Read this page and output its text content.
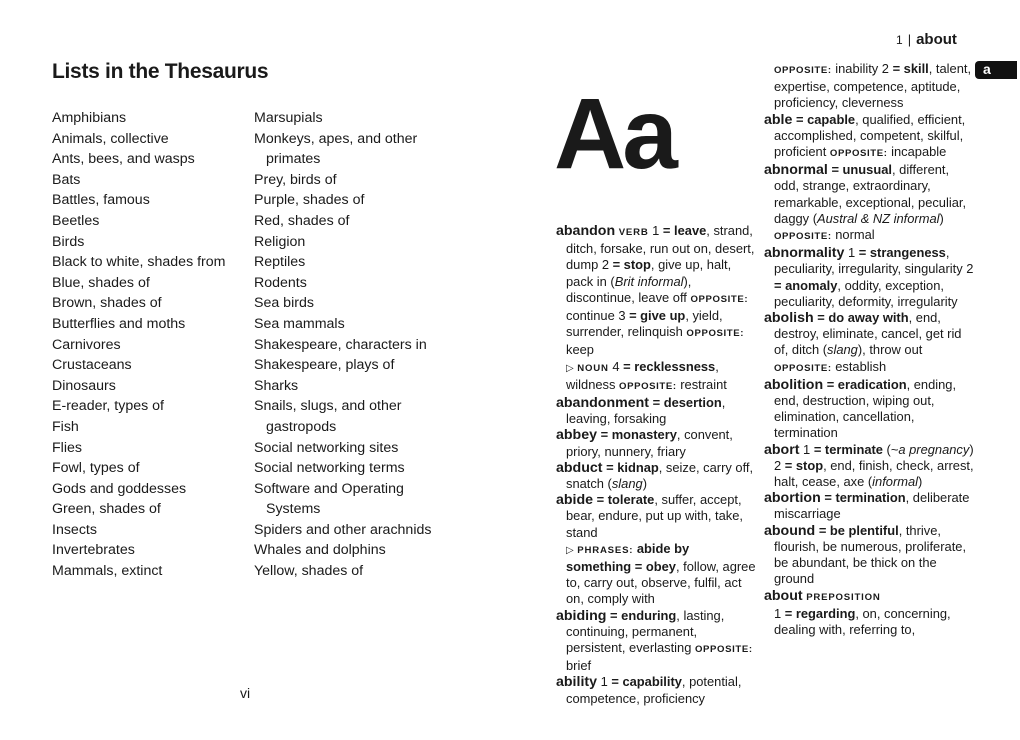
Lists in the Thesaurus
Amphibians
Animals, collective
Ants, bees, and wasps
Bats
Battles, famous
Beetles
Birds
Black to white, shades from
Blue, shades of
Brown, shades of
Butterflies and moths
Carnivores
Crustaceans
Dinosaurs
E-reader, types of
Fish
Flies
Fowl, types of
Gods and goddesses
Green, shades of
Insects
Invertebrates
Mammals, extinct
Marsupials
Monkeys, apes, and other
primates
Prey, birds of
Purple, shades of
Red, shades of
Religion
Reptiles
Rodents
Sea birds
Sea mammals
Shakespeare, characters in
Shakespeare, plays of
Sharks
Snails, slugs, and other
gastropods
Social networking sites
Social networking terms
Software and Operating
Systems
Spiders and other arachnids
Whales and dolphins
Yellow, shades of
vi
1 | about
a
Aa
abandon VERB 1 = leave, strand, ditch, forsake, run out on, desert, dump 2 = stop, give up, halt, pack in (Brit informal), discontinue, leave off OPPOSITE: continue 3 = give up, yield, surrender, relinquish OPPOSITE: keep
▷ NOUN 4 = recklessness, wildness OPPOSITE: restraint
abandonment = desertion, leaving, forsaking
abbey = monastery, convent, priory, nunnery, friary
abduct = kidnap, seize, carry off, snatch (slang)
abide = tolerate, suffer, accept, bear, endure, put up with, take, stand
▷ PHRASES: abide by something = obey, follow, agree to, carry out, observe, fulfil, act on, comply with
abiding = enduring, lasting, continuing, permanent, persistent, everlasting OPPOSITE: brief
ability 1 = capability, potential, competence, proficiency
OPPOSITE: inability 2 = skill, talent, expertise, competence, aptitude, proficiency, cleverness
able = capable, qualified, efficient, accomplished, competent, skilful, proficient OPPOSITE: incapable
abnormal = unusual, different, odd, strange, extraordinary, remarkable, exceptional, peculiar, daggy (Austral & NZ informal) OPPOSITE: normal
abnormality 1 = strangeness, peculiarity, irregularity, singularity 2 = anomaly, oddity, exception, peculiarity, deformity, irregularity
abolish = do away with, end, destroy, eliminate, cancel, get rid of, ditch (slang), throw out OPPOSITE: establish
abolition = eradication, ending, end, destruction, wiping out, elimination, cancellation, termination
abort 1 = terminate (~a pregnancy) 2 = stop, end, finish, check, arrest, halt, cease, axe (informal)
abortion = termination, deliberate miscarriage
abound = be plentiful, thrive, flourish, be numerous, proliferate, be abundant, be thick on the ground
about PREPOSITION
1 = regarding, on, concerning, dealing with, referring to,
